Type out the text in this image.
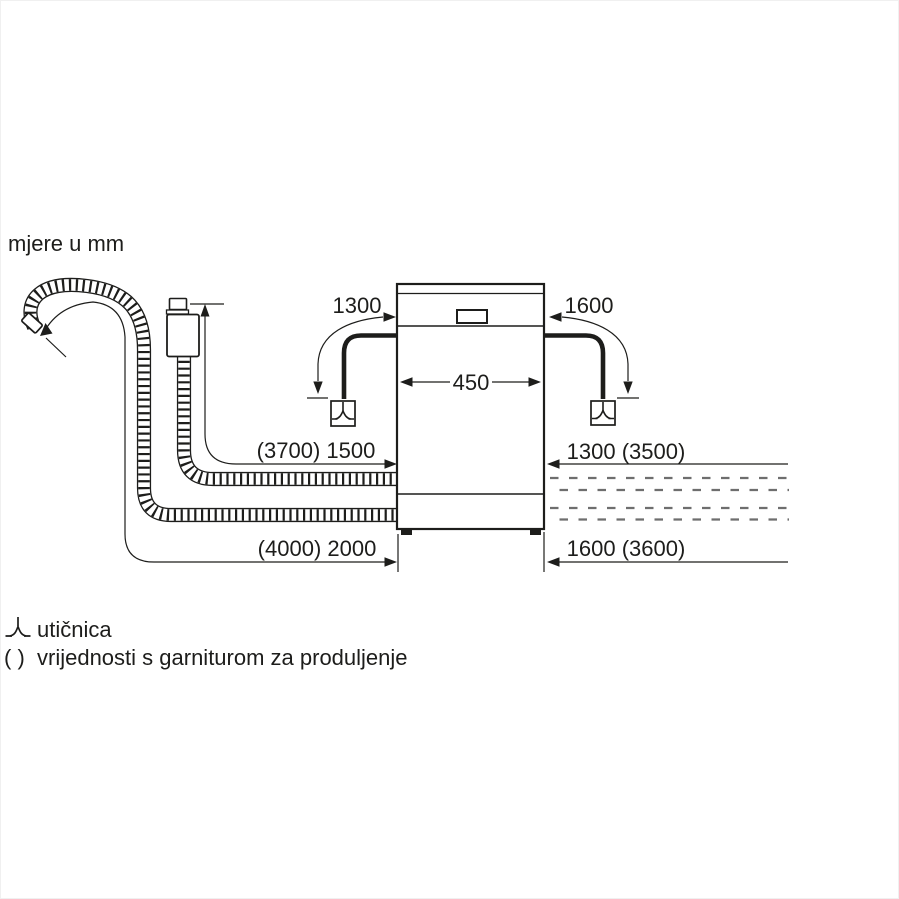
mjere u mm
(3700) 1500
(4000) 2000
450
1300	1600
1300 (3500)
1600 (3600)
utičnica
( ) vrijednosti s garniturom za produljenje
